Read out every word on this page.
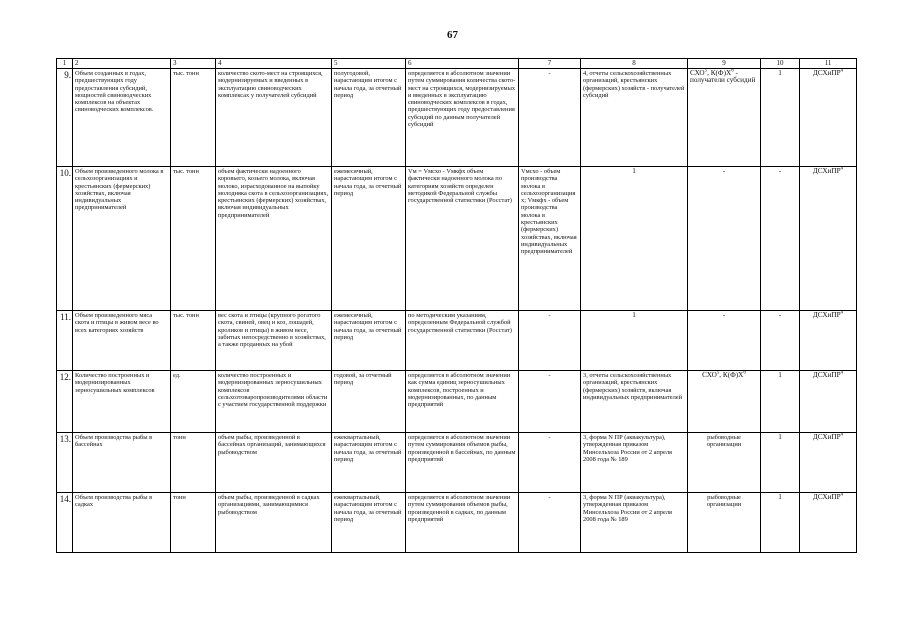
67
1	2	3	4	5	6	7	8	9	10	11
9.	Объем созданных в годах, предшествующих году предоставления субсидий, мощностей свиноводческих комплексов на объектах свиноводческих комплексов.	тыс. тонн	количество ското-мест на строящихся, модернизируемых и введенных в эксплуатацию свиноводческих комплексах у получателей субсидий	полугодовой, нарастающим итогом с начала года, за отчетный период	определяется в абсолютном значении путем суммирования количества ското-мест на строящихся, модернизируемых и введенных в эксплуатацию свиноводческих комплексов в годах, предшествующих году предоставления субсидий по данным получателей субсидий	-	4, отчеты сельскохозяйственных организаций, крестьянских (фермерских) хозяйств - получателей субсидий	СХО$^5$, $К(Ф)Х^6$ - получатели субсидий	1	ДСХиПР$^4$
10.	Объем произведенного молока в сельхозорганизациях и крестьянских (фермерских) хозяйствах, включая индивидуальных предпринимателей	тыс. тонн	объем фактически надоенного коровьего, козьего молока, включая молоко, израсходованное на выпойку молодняка скота в сельхозорганизациях, крестьянских (фермерских) хозяйствах, включая индивидуальных предпринимателей	ежемесячный, нарастающим итогом с начала года, за отчетный период	Vм = Vмсхо - Vмкфх объем фактически надоенного молока по категориям хозяйств определен методикой Федеральной службы государственной статистики (Росстат)	Vмсхо - объем производства молока в сельхозорганизациях; Vмкфх - объем производства молока в крестьянских (фермерских) хозяйствах, включая индивидуальных предпринимателей	1	-	-	ДСХиПР$^4$
11.	Объем произведенного мяса скота и птицы в живом весе во всех категориях хозяйств	тыс. тонн	вес скота и птицы (крупного рогатого скота, свиней, овец и коз, лошадей, кроликов и птицы) в живом весе, забитых непосредственно в хозяйствах, а также проданных на убой	ежемесячный, нарастающим итогом с начала года, за отчетный период	по методическим указаниям, определенным Федеральной службой государственной статистики (Росстат)	-	1	-	-	ДСХиПР$^4$
12.	Количество построенных и модернизированных зерносушильных комплексов	ед.	количество построенных и модернизированных зерносушильных комплексов сельхозтоваропроизводителями области с участием государственной поддержки	годовой, за отчетный период	определяется в абсолютном значении как сумма единиц зерносушильных комплексов, построенных и модернизированных, по данным предприятий	-	3, отчеты сельскохозяйственных организаций, крестьянских (фермерских) хозяйств, включая индивидуальных предпринимателей	СХО$^5$, $К(Ф)Х^6$	1	ДСХиПР$^4$
13.	Объем производства рыбы в бассейнах	тонн	объем рыбы, произведенной в бассейнах организаций, занимающихся рыбоводством	ежеквартальный, нарастающим итогом с начала года, за отчетный период	определяется в абсолютном значении путем суммирования объемов рыбы, произведенной в бассейнах, по данным предприятий	-	3, форма N ПР (аквакультура), утвержденная приказом Минсельхоза России от 2 апреля 2008 года № 189	рыбоводные организации	1	ДСХиПР$^4$
14.	Объем производства рыбы в садках	тонн	объем рыбы, произведенной в садках организациями, занимающимися рыбоводством	ежеквартальный, нарастающим итогом с начала года, за отчетный период	определяется в абсолютном значении путем суммирования объемов рыбы, произведенной в садках, по данным предприятий	-	3, форма N ПР (аквакультура), утвержденная приказом Минсельхоза России от 2 апреля 2008 года № 189	рыбоводные организации	1	ДСХиПР$^4$
